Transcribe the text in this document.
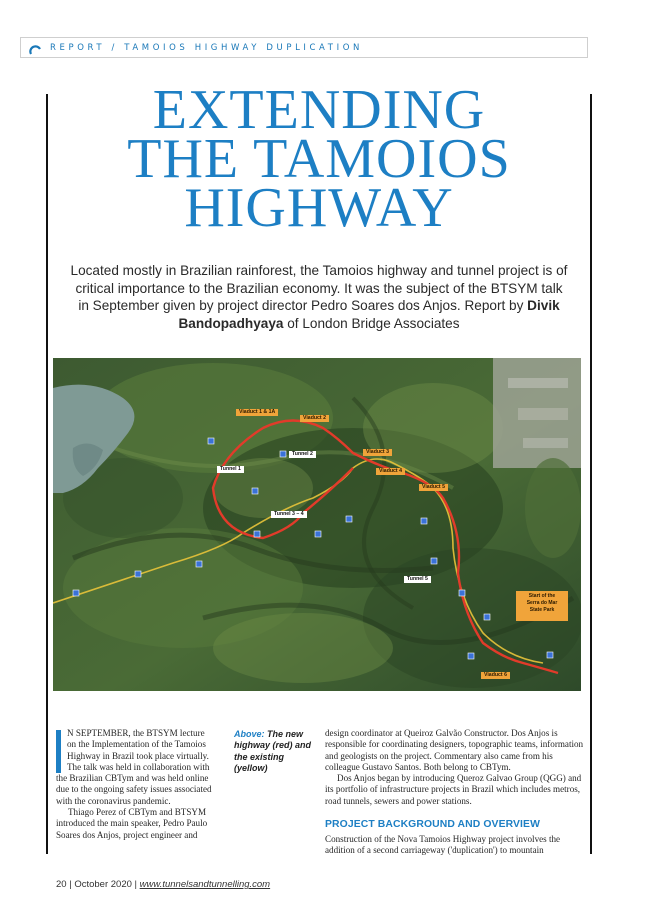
REPORT / TAMOIOS HIGHWAY DUPLICATION
EXTENDING
THE TAMOIOS
HIGHWAY

Located mostly in Brazilian rainforest, the Tamoios highway and tunnel project is of critical importance to the Brazilian economy. It was the subject of the BTSYM talk in September given by project director Pedro Soares dos Anjos. Report by Divik Bandopadhyaya of London Bridge Associates

Viaduct 1 & 1A
Viaduct 2
Tunnel 2	Viaduct 3
Tunnel 1	Viaduct 4
Viaduct 5
Tunnel 3 – 4
Tunnel 5
Viaduct 6
Start of the
Serra do Mar
State Park

N SEPTEMBER, the BTSYM lecture on the Implementation of the Tamoios Highway in Brazil took place virtually. The talk was held in collaboration with the Brazilian CBTym and was held online due to the ongoing safety issues associated with the coronavirus pandemic.

Thiago Perez of CBTym and BTSYM introduced the main speaker, Pedro Paulo Soares dos Anjos, project engineer and

Above: The new highway (red) and the existing (yellow)

design coordinator at Queiroz Galvão Constructor. Dos Anjos is responsible for coordinating designers, topographic teams, information and geologists on the project. Commentary also came from his colleague Gustavo Santos. Both belong to CBTym.

Dos Anjos began by introducing Queroz Galvao Group (QGG) and its portfolio of infrastructure projects in Brazil which includes metros, road tunnels, sewers and power stations.

PROJECT BACKGROUND AND OVERVIEW

Construction of the Nova Tamoios Highway project involves the addition of a second carriageway ('duplication') to mountain

20 | October 2020 | www.tunnelsandtunnelling.com
